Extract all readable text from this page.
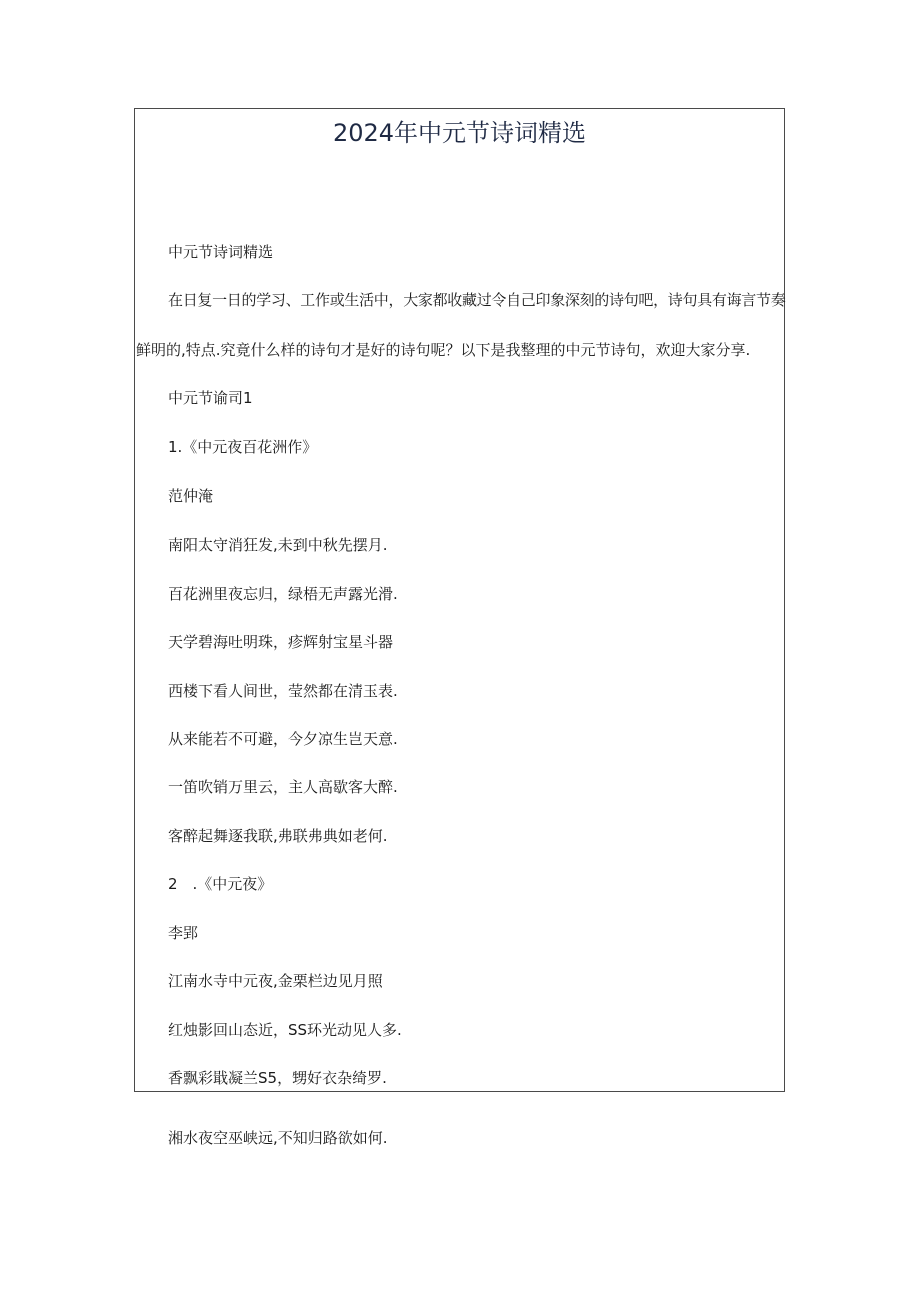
2024年中元节诗词精选
中元节诗词精选
在日复一日的学习、工作或生活中，大家都收藏过令自己印象深刻的诗句吧，诗句具有诲言节奏
鲜明的,特点.究竟什么样的诗句才是好的诗句呢？以下是我整理的中元节诗句，欢迎大家分享.
中元节谕司1
1.《中元夜百花洲作》
范仲淹
南阳太守消狂发,未到中秋先摆月.
百花洲里夜忘归，绿梧无声露光滑.
天学碧海吐明珠，疹辉射宝星斗器
西楼下看人间世，莹然都在清玉表.
从来能若不可避，今夕凉生岂天意.
一笛吹销万里云，主人高歇客大醉.
客醉起舞逐我联,弗联弗典如老何.
2　.《中元夜》
李郢
江南水寺中元夜,金栗栏边见月照
红烛影回山态近，SS环光动见人多.
香飘彩戢凝兰S5，甥好衣杂绮罗.
湘水夜空巫峡远,不知归路欲如何.
